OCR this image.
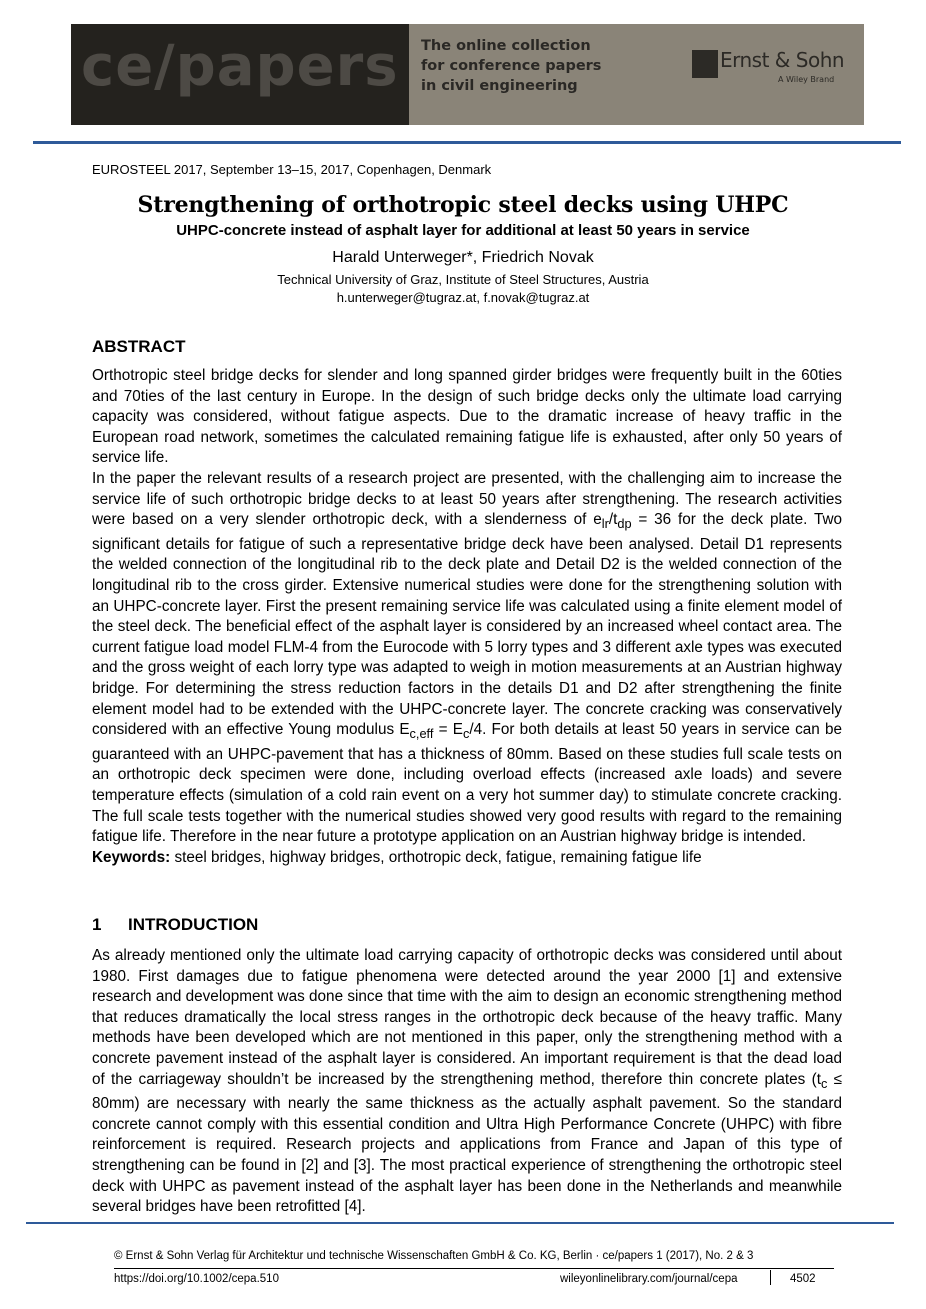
ce/papers The online collection
for conference papers
in civil engineering
Ernst & Sohn
A Wiley Brand
EUROSTEEL 2017, September 13–15, 2017, Copenhagen, Denmark
Strengthening of orthotropic steel decks using UHPC
UHPC-concrete instead of asphalt layer for additional at least 50 years in service
Harald Unterweger*, Friedrich Novak
Technical University of Graz, Institute of Steel Structures, Austria
h.unterweger@tugraz.at, f.novak@tugraz.at
ABSTRACT

Orthotropic steel bridge decks for slender and long spanned girder bridges were frequently built in the 60ties and 70ties of the last century in Europe. In the design of such bridge decks only the ultimate load carrying capacity was considered, without fatigue aspects. Due to the dramatic increase of heavy traffic in the European road network, sometimes the calculated remaining fatigue life is exhausted, after only 50 years of service life.

In the paper the relevant results of a research project are presented, with the challenging aim to increase the service life of such orthotropic bridge decks to at least 50 years after strengthening. The research activities were based on a very slender orthotropic deck, with a slenderness of $e_{lr}/t_{dp} = 36$ for the deck plate. Two significant details for fatigue of such a representative bridge deck have been analysed. Detail D1 represents the welded connection of the longitudinal rib to the deck plate and Detail D2 is the welded connection of the longitudinal rib to the cross girder. Extensive numerical studies were done for the strengthening solution with an UHPC-concrete layer. First the present remaining service life was calculated using a finite element model of the steel deck. The beneficial effect of the asphalt layer is considered by an increased wheel contact area. The current fatigue load model FLM-4 from the Eurocode with 5 lorry types and 3 different axle types was executed and the gross weight of each lorry type was adapted to weigh in motion measurements at an Austrian highway bridge. For determining the stress reduction factors in the details D1 and D2 after strengthening the finite element model had to be extended with the UHPC-concrete layer. The concrete cracking was conservatively considered with an effective Young modulus $E_{c,eff} = E_c/4$. For both details at least 50 years in service can be guaranteed with an UHPC-pavement that has a thickness of 80mm. Based on these studies full scale tests on an orthotropic deck specimen were done, including overload effects (increased axle loads) and severe temperature effects (simulation of a cold rain event on a very hot summer day) to stimulate concrete cracking. The full scale tests together with the numerical studies showed very good results with regard to the remaining fatigue life. Therefore in the near future a prototype application on an Austrian highway bridge is intended.

Keywords: steel bridges, highway bridges, orthotropic deck, fatigue, remaining fatigue life

1 INTRODUCTION
As already mentioned only the ultimate load carrying capacity of orthotropic decks was considered until about 1980. First damages due to fatigue phenomena were detected around the year 2000 [1] and extensive research and development was done since that time with the aim to design an economic strengthening method that reduces dramatically the local stress ranges in the orthotropic deck because of the heavy traffic. Many methods have been developed which are not mentioned in this paper, only the strengthening method with a concrete pavement instead of the asphalt layer is considered. An important requirement is that the dead load of the carriageway shouldn’t be increased by the strengthening method, therefore thin concrete plates $(t_c \le 80mm)$ are necessary with nearly the same thickness as the actually asphalt pavement. So the standard concrete cannot comply with this essential condition and Ultra High Performance Concrete (UHPC) with fibre reinforcement is required. Research projects and applications from France and Japan of this type of strengthening can be found in [2] and [3]. The most practical experience of strengthening the orthotropic steel deck with UHPC as pavement instead of the asphalt layer has been done in the Netherlands and meanwhile several bridges have been retrofitted [4].
© Ernst & Sohn Verlag für Architektur und technische Wissenschaften GmbH & Co. KG, Berlin · ce/papers 1 (2017), No. 2 & 3
https://doi.org/10.1002/cepa.510	wileyonlinelibrary.com/journal/cepa	4502
